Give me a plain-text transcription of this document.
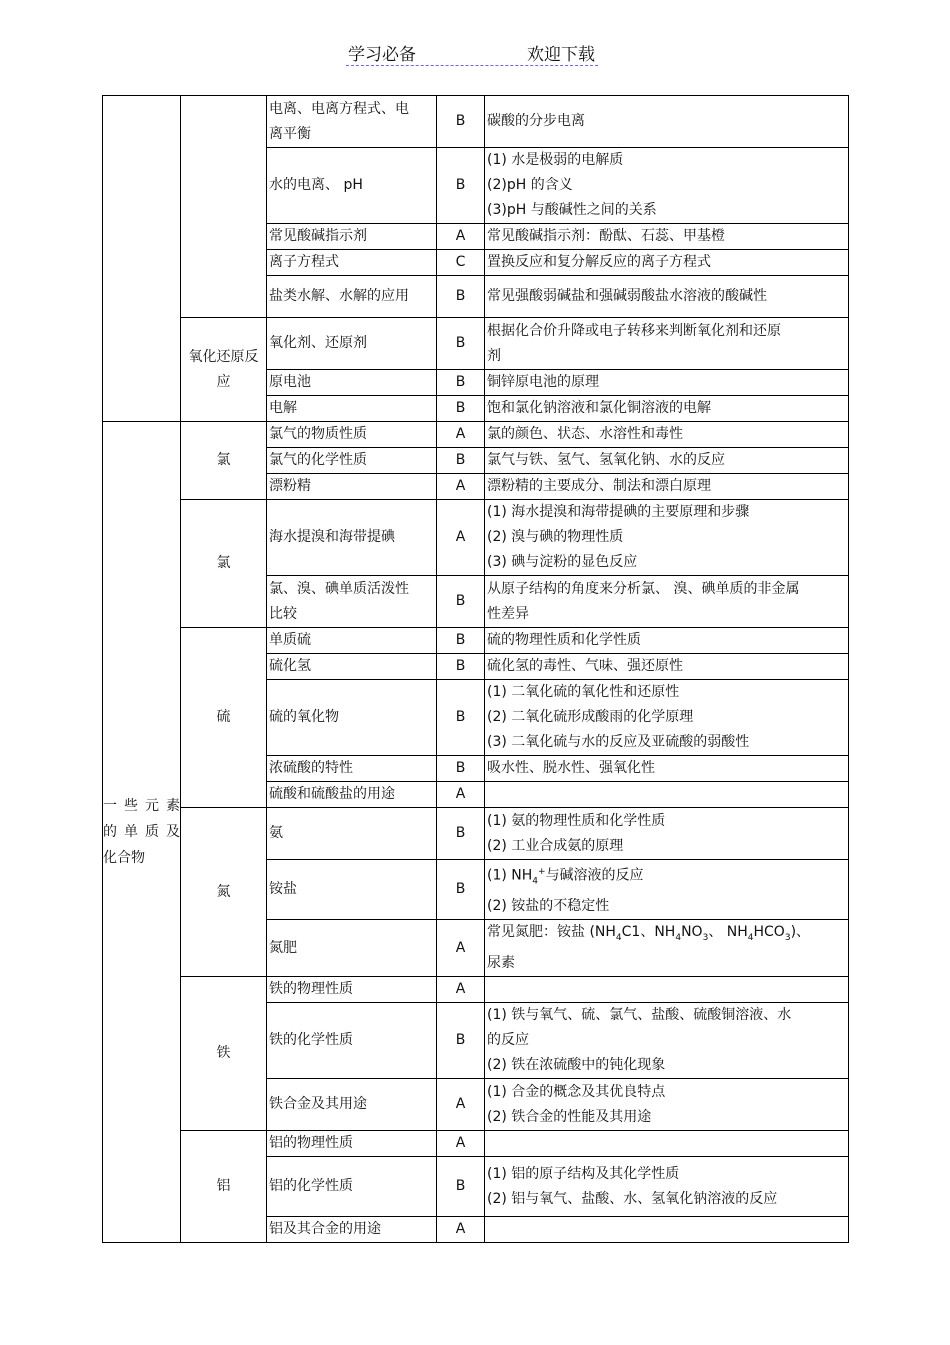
学习必备	欢迎下载

		电离、电离方程式、电
离平衡	B	碳酸的分步电离
		水的电离、 pH	B	(1) 水是极弱的电解质
(2)pH 的含义
(3)pH 与酸碱性之间的关系

		常见酸碱指示剂	A	常见酸碱指示剂：酚酞、石蕊、甲基橙
		离子方程式	C	置换反应和复分解反应的离子方程式
		盐类水解、水解的应用	B	常见强酸弱碱盐和强碱弱酸盐水溶液的酸碱性

	氧化还原反
应	氧化剂、还原剂	B	根据化合价升降或电子转移来判断氧化剂和还原
剂

		原电池	B	铜锌原电池的原理
		电解	B	饱和氯化钠溶液和氯化铜溶液的电解

一 些 元 素
的 单 质 及
化合物	氯	氯气的物质性质	A	氯的颜色、状态、水溶性和毒性
		氯气的化学性质	B	氯气与铁、氢气、氢氧化钠、水的反应
		漂粉精	A	漂粉精的主要成分、制法和漂白原理
	氯	海水提溴和海带提碘	A	(1) 海水提溴和海带提碘的主要原理和步骤
(2) 溴与碘的物理性质
(3) 碘与淀粉的显色反应

		氯、溴、碘单质活泼性
比较	B	从原子结构的角度来分析氯、 溴、碘单质的非金属
性差异

	硫	单质硫	B	硫的物理性质和化学性质
		硫化氢	B	硫化氢的毒性、气味、强还原性
		硫的氧化物	B	(1) 二氧化硫的氧化性和还原性
(2) 二氧化硫形成酸雨的化学原理
(3) 二氧化硫与水的反应及亚硫酸的弱酸性

		浓硫酸的特性	B	吸水性、脱水性、强氧化性
		硫酸和硫酸盐的用途	A	
	氮	氨	B	(1) 氨的物理性质和化学性质
(2) 工业合成氨的原理

		铵盐	B	(1) $NH_4^+$与碱溶液的反应
(2) 铵盐的不稳定性

		氮肥	A	常见氮肥：铵盐 ($NH_4C1$、$NH_4NO_3$、 $NH_4HCO_3$)、
尿素

	铁	铁的物理性质	A	
		铁的化学性质	B	(1) 铁与氧气、硫、氯气、盐酸、硫酸铜溶液、水
的反应
(2) 铁在浓硫酸中的钝化现象

		铁合金及其用途	A	(1) 合金的概念及其优良特点
(2) 铁合金的性能及其用途

	铝	铝的物理性质	A	
		铝的化学性质	B	(1) 铝的原子结构及其化学性质
(2) 铝与氧气、盐酸、水、氢氧化钠溶液的反应

		铝及其合金的用途	A	
